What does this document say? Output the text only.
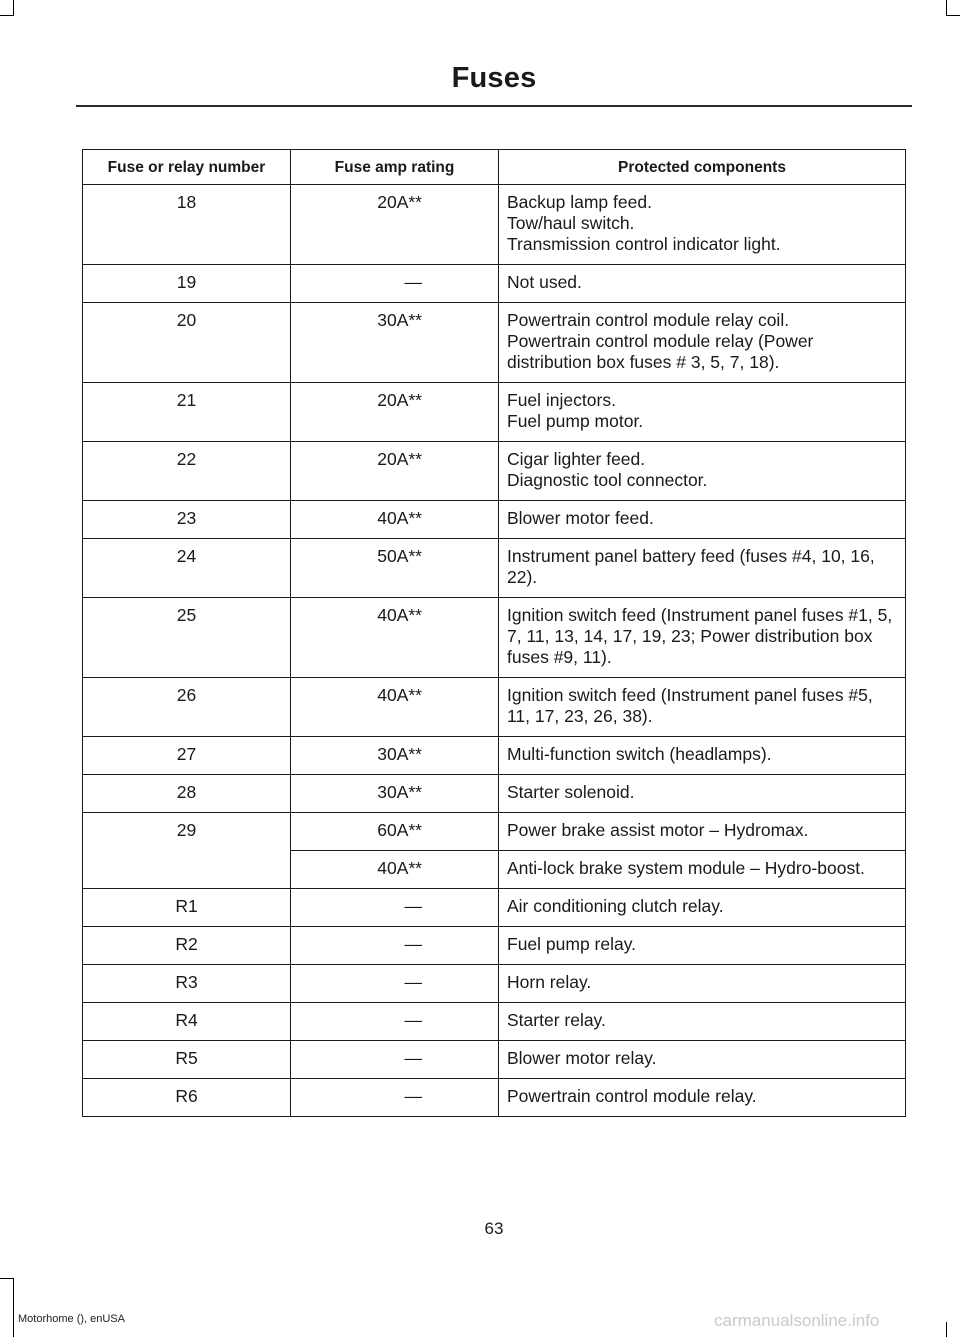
Fuses
Fuse or relay number	Fuse amp rating	Protected components
18	20A**	Backup lamp feed.
Tow/haul switch.
Transmission control indicator light.

19	—	Not used.

20	30A**	Powertrain control module relay coil.
Powertrain control module relay (Power distribution box fuses # 3, 5, 7, 18).

21	20A**	Fuel injectors.
Fuel pump motor.

22	20A**	Cigar lighter feed.
Diagnostic tool connector.

23	40A**	Blower motor feed.

24	50A**	Instrument panel battery feed (fuses #4, 10, 16, 22).

25	40A**	Ignition switch feed (Instrument panel fuses #1, 5, 7, 11, 13, 14, 17, 19, 23; Power distribution box fuses #9, 11).

26	40A**	Ignition switch feed (Instrument panel fuses #5, 11, 17, 23, 26, 38).

27	30A**	Multi-function switch (headlamps).

28	30A**	Starter solenoid.

29	60A**	Power brake assist motor – Hydromax.

	40A**	Anti-lock brake system module – Hydro-boost.

R1	—	Air conditioning clutch relay.

R2	—	Fuel pump relay.

R3	—	Horn relay.

R4	—	Starter relay.

R5	—	Blower motor relay.

R6	—	Powertrain control module relay.
63
Motorhome (), enUSA	carmanualsonline.info
